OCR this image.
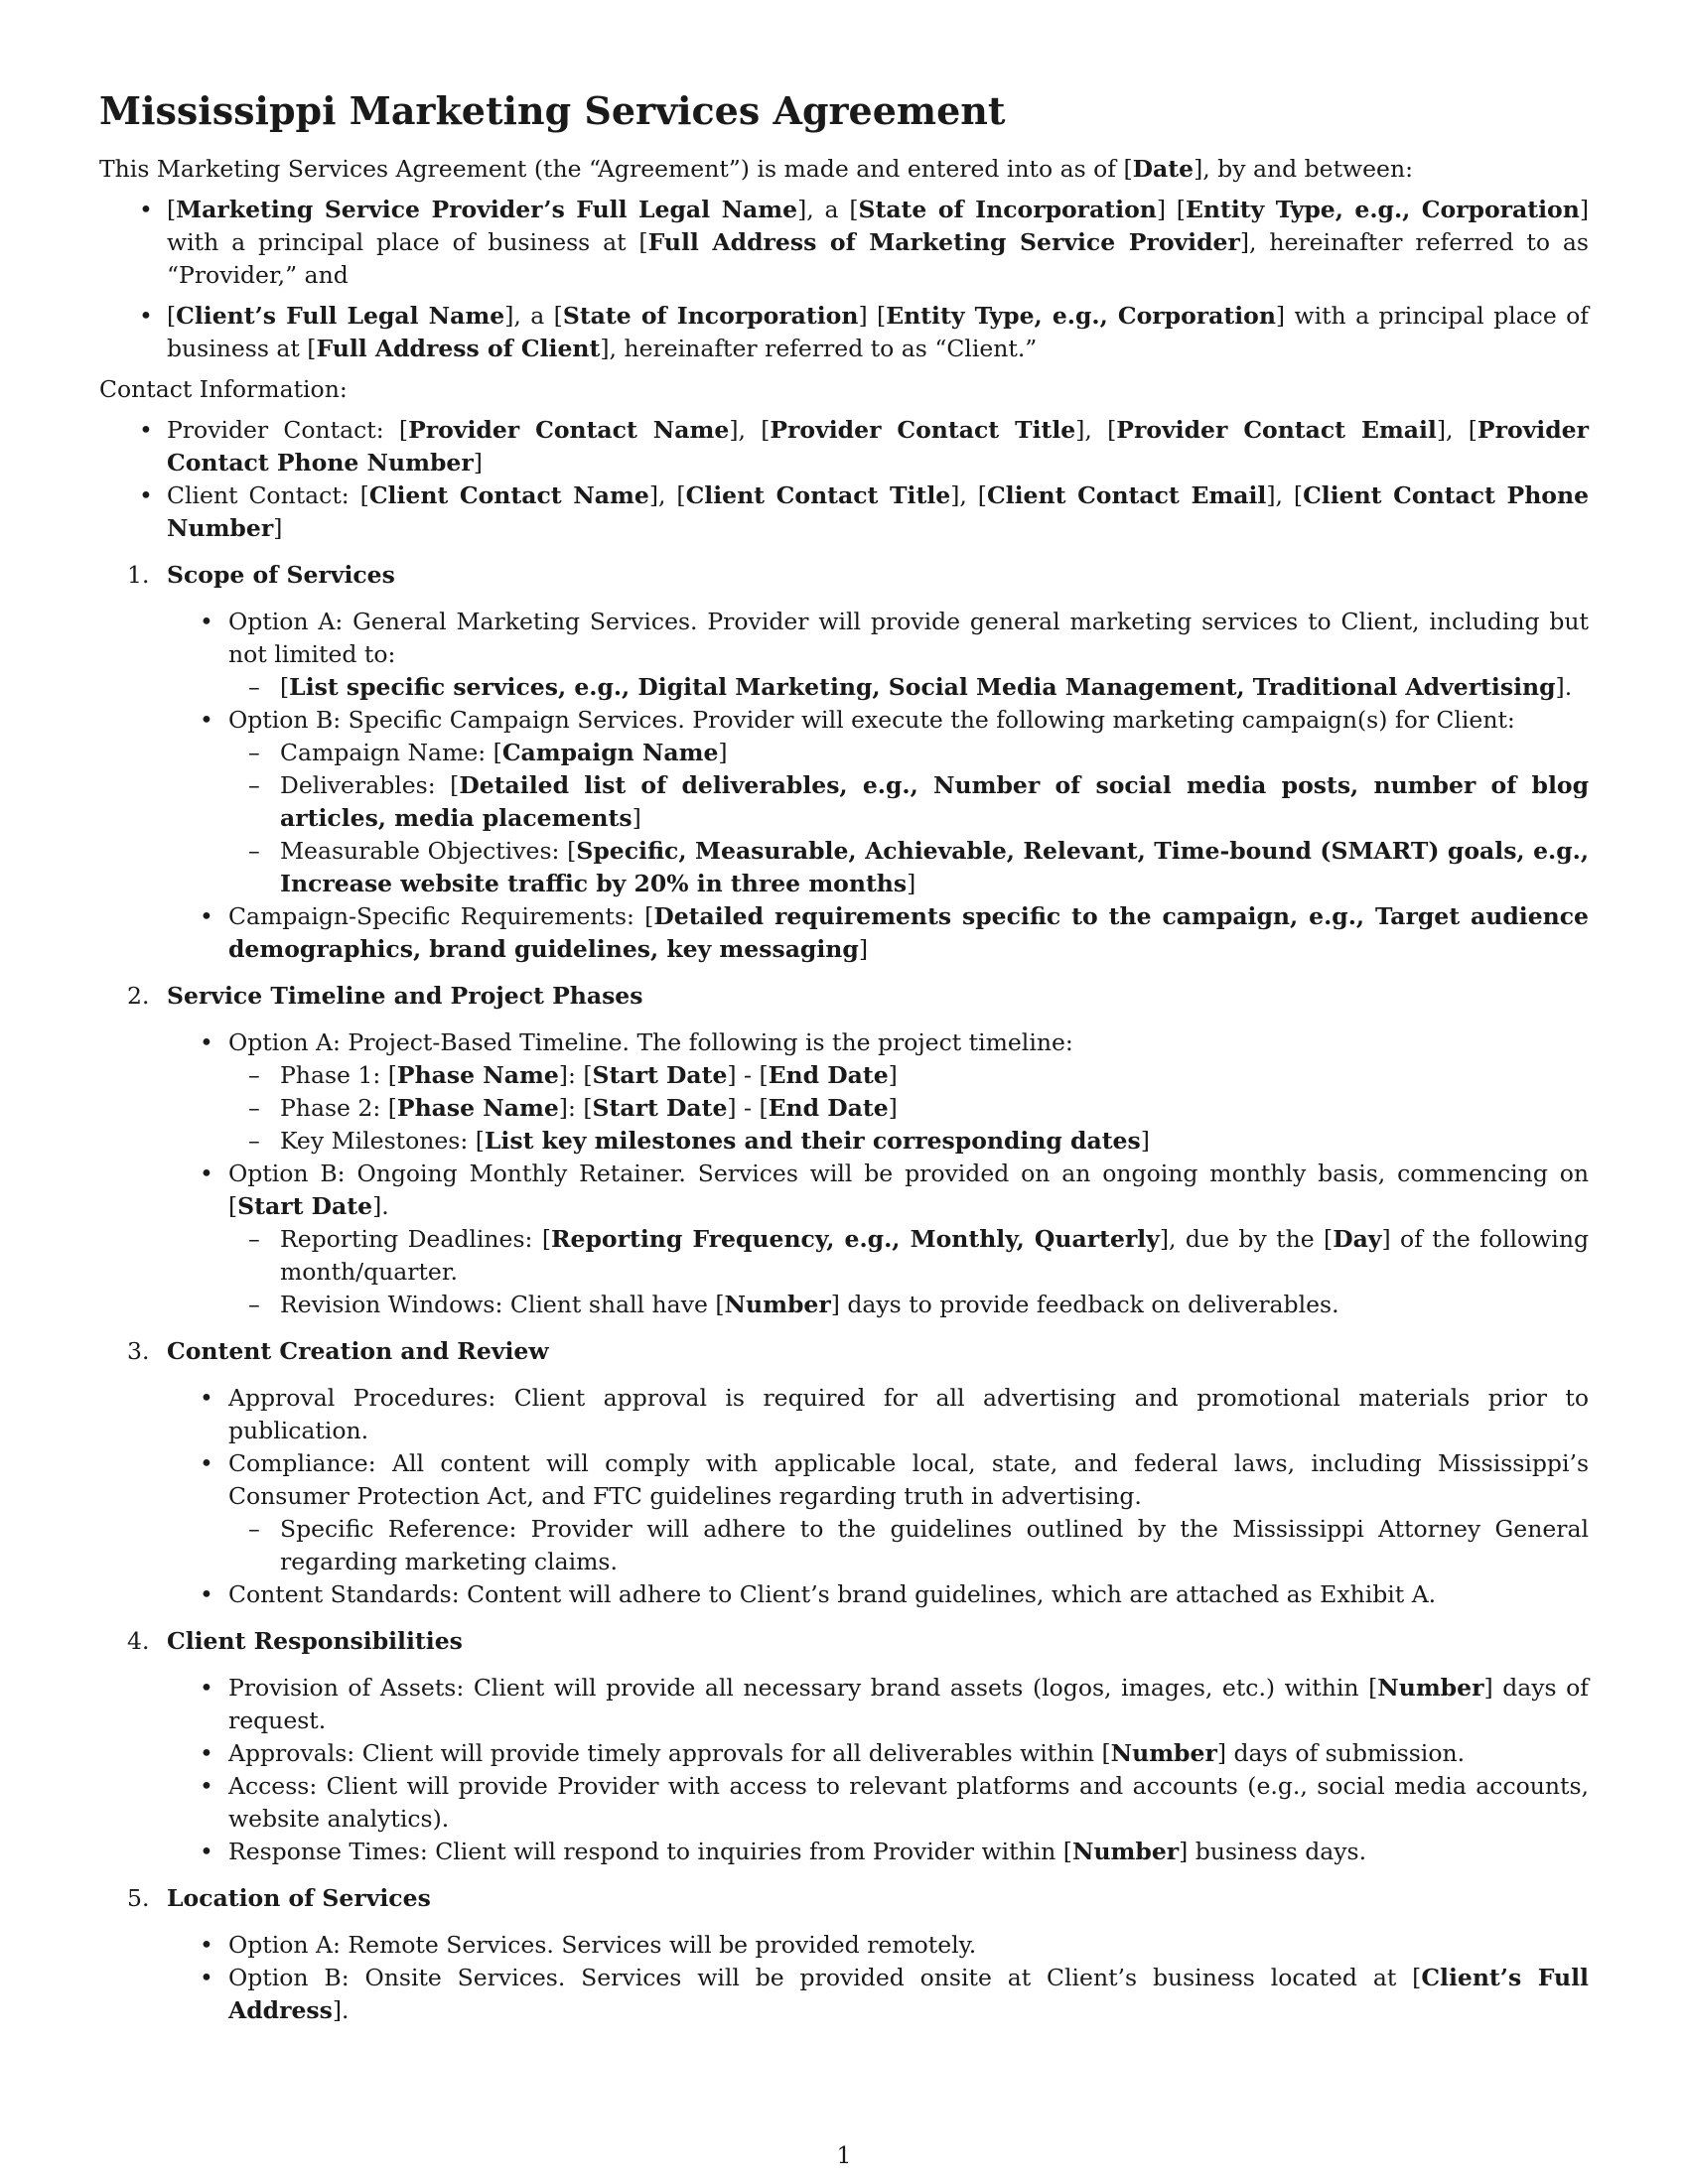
Mississippi Marketing Services Agreement

This Marketing Services Agreement (the “Agreement”) is made and entered into as of [Date], by and between:

• [Marketing Service Provider’s Full Legal Name], a [State of Incorporation] [Entity Type, e.g., Corporation] with a principal place of business at [Full Address of Marketing Service Provider], hereinafter referred to as “Provider,” and
• [Client’s Full Legal Name], a [State of Incorporation] [Entity Type, e.g., Corporation] with a principal place of business at [Full Address of Client], hereinafter referred to as “Client.”

Contact Information:

• Provider Contact: [Provider Contact Name], [Provider Contact Title], [Provider Contact Email], [Provider Contact Phone Number]
• Client Contact: [Client Contact Name], [Client Contact Title], [Client Contact Email], [Client Contact Phone Number]
1. Scope of Services
• Option A: General Marketing Services. Provider will provide general marketing services to Client, including but not limited to:
– [List specific services, e.g., Digital Marketing, Social Media Management, Traditional Advertising].
• Option B: Specific Campaign Services. Provider will execute the following marketing campaign(s) for Client:
– Campaign Name: [Campaign Name]
– Deliverables: [Detailed list of deliverables, e.g., Number of social media posts, number of blog articles, media placements]
– Measurable Objectives: [Specific, Measurable, Achievable, Relevant, Time-bound (SMART) goals, e.g., Increase website traffic by 20% in three months]
• Campaign-Specific Requirements: [Detailed requirements specific to the campaign, e.g., Target audience demographics, brand guidelines, key messaging]
2. Service Timeline and Project Phases
• Option A: Project-Based Timeline. The following is the project timeline:
– Phase 1: [Phase Name]: [Start Date] - [End Date]
– Phase 2: [Phase Name]: [Start Date] - [End Date]
– Key Milestones: [List key milestones and their corresponding dates]
• Option B: Ongoing Monthly Retainer. Services will be provided on an ongoing monthly basis, commencing on [Start Date].
– Reporting Deadlines: [Reporting Frequency, e.g., Monthly, Quarterly], due by the [Day] of the following month/quarter.
– Revision Windows: Client shall have [Number] days to provide feedback on deliverables.
3. Content Creation and Review
• Approval Procedures: Client approval is required for all advertising and promotional materials prior to publication.
• Compliance: All content will comply with applicable local, state, and federal laws, including Mississippi’s Consumer Protection Act, and FTC guidelines regarding truth in advertising.
– Specific Reference: Provider will adhere to the guidelines outlined by the Mississippi Attorney General regarding marketing claims.
• Content Standards: Content will adhere to Client’s brand guidelines, which are attached as Exhibit A.
4. Client Responsibilities
• Provision of Assets: Client will provide all necessary brand assets (logos, images, etc.) within [Number] days of request.
• Approvals: Client will provide timely approvals for all deliverables within [Number] days of submission.
• Access: Client will provide Provider with access to relevant platforms and accounts (e.g., social media accounts, website analytics).
• Response Times: Client will respond to inquiries from Provider within [Number] business days.
5. Location of Services
• Option A: Remote Services. Services will be provided remotely.
• Option B: Onsite Services. Services will be provided onsite at Client’s business located at [Client’s Full Address].
1
